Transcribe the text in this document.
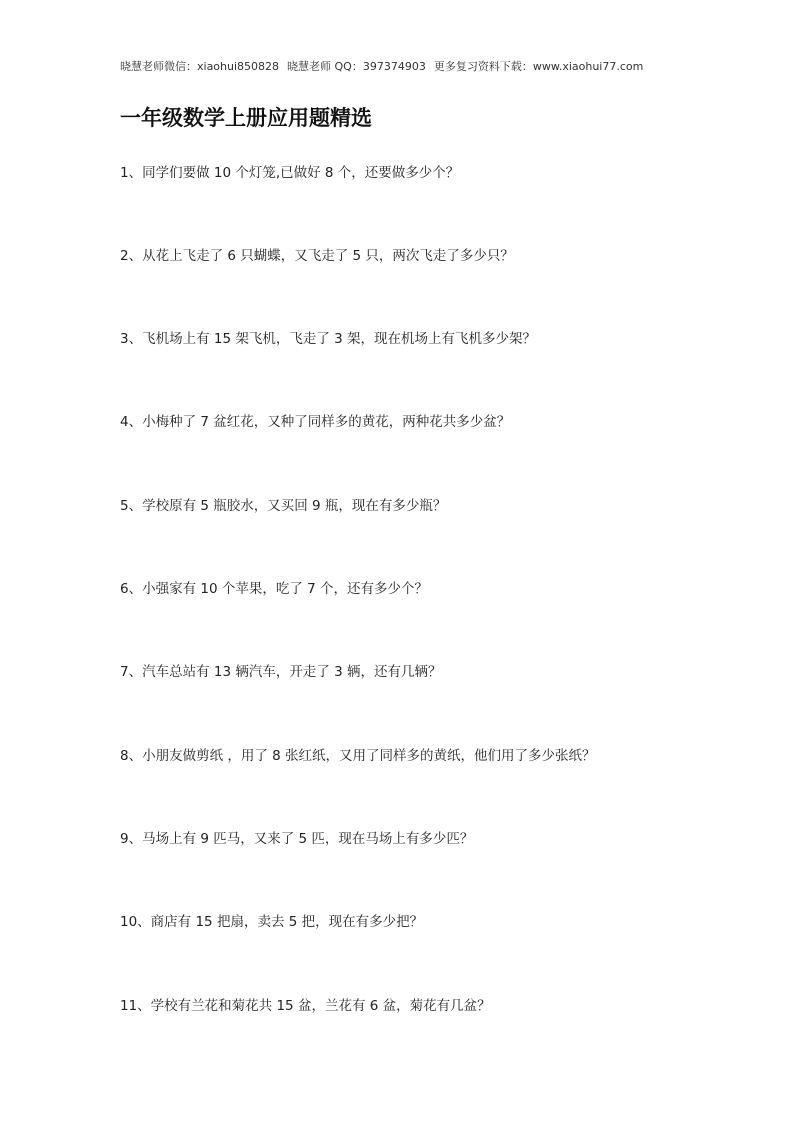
晓慧老师微信：xiaohui850828 晓慧老师 QQ：397374903 更多复习资料下载：www.xiaohui77.com
一年级数学上册应用题精选
1、同学们要做 10 个灯笼,已做好 8 个，还要做多少个？
2、从花上飞走了 6 只蝴蝶，又飞走了 5 只，两次飞走了多少只？
3、飞机场上有 15 架飞机，飞走了 3 架，现在机场上有飞机多少架？
4、小梅种了 7 盆红花，又种了同样多的黄花，两种花共多少盆？
5、学校原有 5 瓶胶水，又买回 9 瓶，现在有多少瓶？
6、小强家有 10 个苹果，吃了 7 个，还有多少个？
7、汽车总站有 13 辆汽车，开走了 3 辆，还有几辆？
8、小朋友做剪纸 ，用了 8 张红纸，又用了同样多的黄纸，他们用了多少张纸？
9、马场上有 9 匹马，又来了 5 匹，现在马场上有多少匹？
10、商店有 15 把扇，卖去 5 把，现在有多少把？
11、学校有兰花和菊花共 15 盆，兰花有 6 盆，菊花有几盆？
